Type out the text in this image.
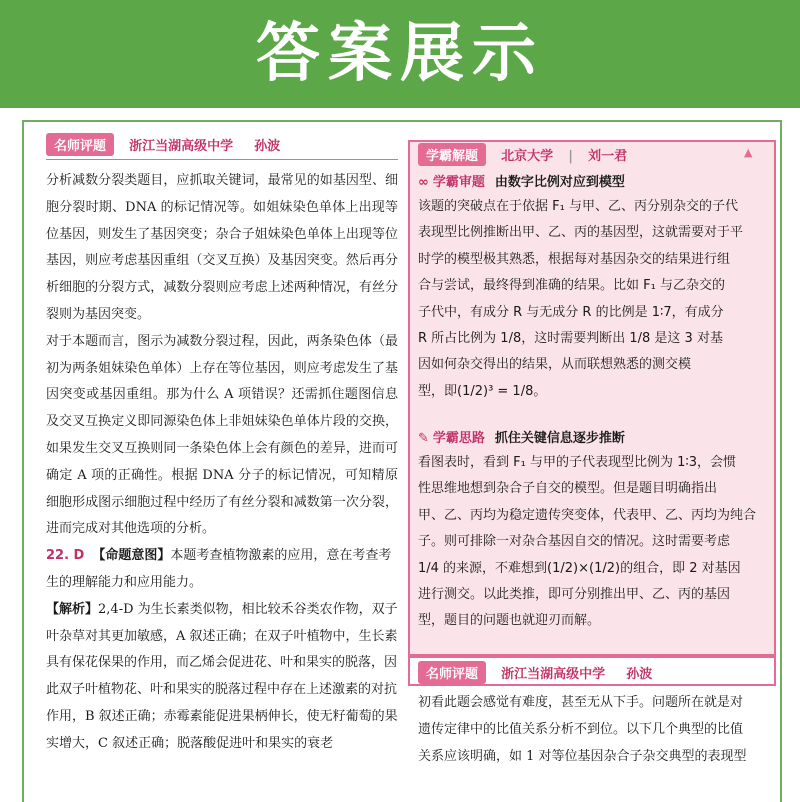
答案展示
名师评题 浙江当湖高级中学 孙波

分析减数分裂类题目，应抓取关键词，最常见的如基因型、细胞分裂时期、DNA 的标记情况等。如姐妹染色单体上出现等位基因，则发生了基因突变；杂合子姐妹染色单体上出现等位基因，则应考虑基因重组（交叉互换）及基因突变。然后再分析细胞的分裂方式，减数分裂则应考虑上述两种情况，有丝分裂则为基因突变。

对于本题而言，图示为减数分裂过程，因此，两条染色体（最初为两条姐妹染色单体）上存在等位基因，则应考虑发生了基因突变或基因重组。那为什么 A 项错误？还需抓住题图信息及交叉互换定义即同源染色体上非姐妹染色单体片段的交换，如果发生交叉互换则同一条染色体上会有颜色的差异，进而可确定 A 项的正确性。根据 DNA 分子的标记情况，可知精原细胞形成图示细胞过程中经历了有丝分裂和减数第一次分裂，进而完成对其他选项的分析。

22. D 【命题意图】本题考查植物激素的应用，意在考查考生的理解能力和应用能力。

【解析】2,4-D 为生长素类似物，相比较禾谷类农作物，双子叶杂草对其更加敏感，A 叙述正确；在双子叶植物中，生长素具有保花保果的作用，而乙烯会促进花、叶和果实的脱落，因此双子叶植物花、叶和果实的脱落过程中存在上述激素的对抗作用，B 叙述正确；赤霉素能促进果柄伸长，使无籽葡萄的果实增大，C 叙述正确；脱落酸促进叶和果实的衰老

学霸解题 北京大学 | 刘一君	▲
∞ 学霸审题 由数字比例对应到模型

该题的突破点在于依据 F₁ 与甲、乙、丙分别杂交的子代

表现型比例推断出甲、乙、丙的基因型，这就需要对于平

时学的模型极其熟悉，根据每对基因杂交的结果进行组

合与尝试，最终得到准确的结果。比如 F₁ 与乙杂交的

子代中，有成分 R 与无成分 R 的比例是 1∶7，有成分

R 所占比例为 1/8，这时需要判断出 1/8 是这 3 对基

因如何杂交得出的结果，从而联想熟悉的测交模

型，即(1/2)³ = 1/8。

✎ 学霸思路 抓住关键信息逐步推断

看图表时，看到 F₁ 与甲的子代表现型比例为 1∶3，会惯

性思维地想到杂合子自交的模型。但是题目明确指出

甲、乙、丙均为稳定遗传突变体，代表甲、乙、丙均为纯合

子。则可排除一对杂合基因自交的情况。这时需要考虑

1/4 的来源，不难想到(1/2)×(1/2)的组合，即 2 对基因

进行测交。以此类推，即可分别推出甲、乙、丙的基因

型，题目的问题也就迎刃而解。

名师评题 浙江当湖高级中学 孙波

初看此题会感觉有难度，甚至无从下手。问题所在就是对

遗传定律中的比值关系分析不到位。以下几个典型的比值

关系应该明确，如 1 对等位基因杂合子杂交典型的表现型
